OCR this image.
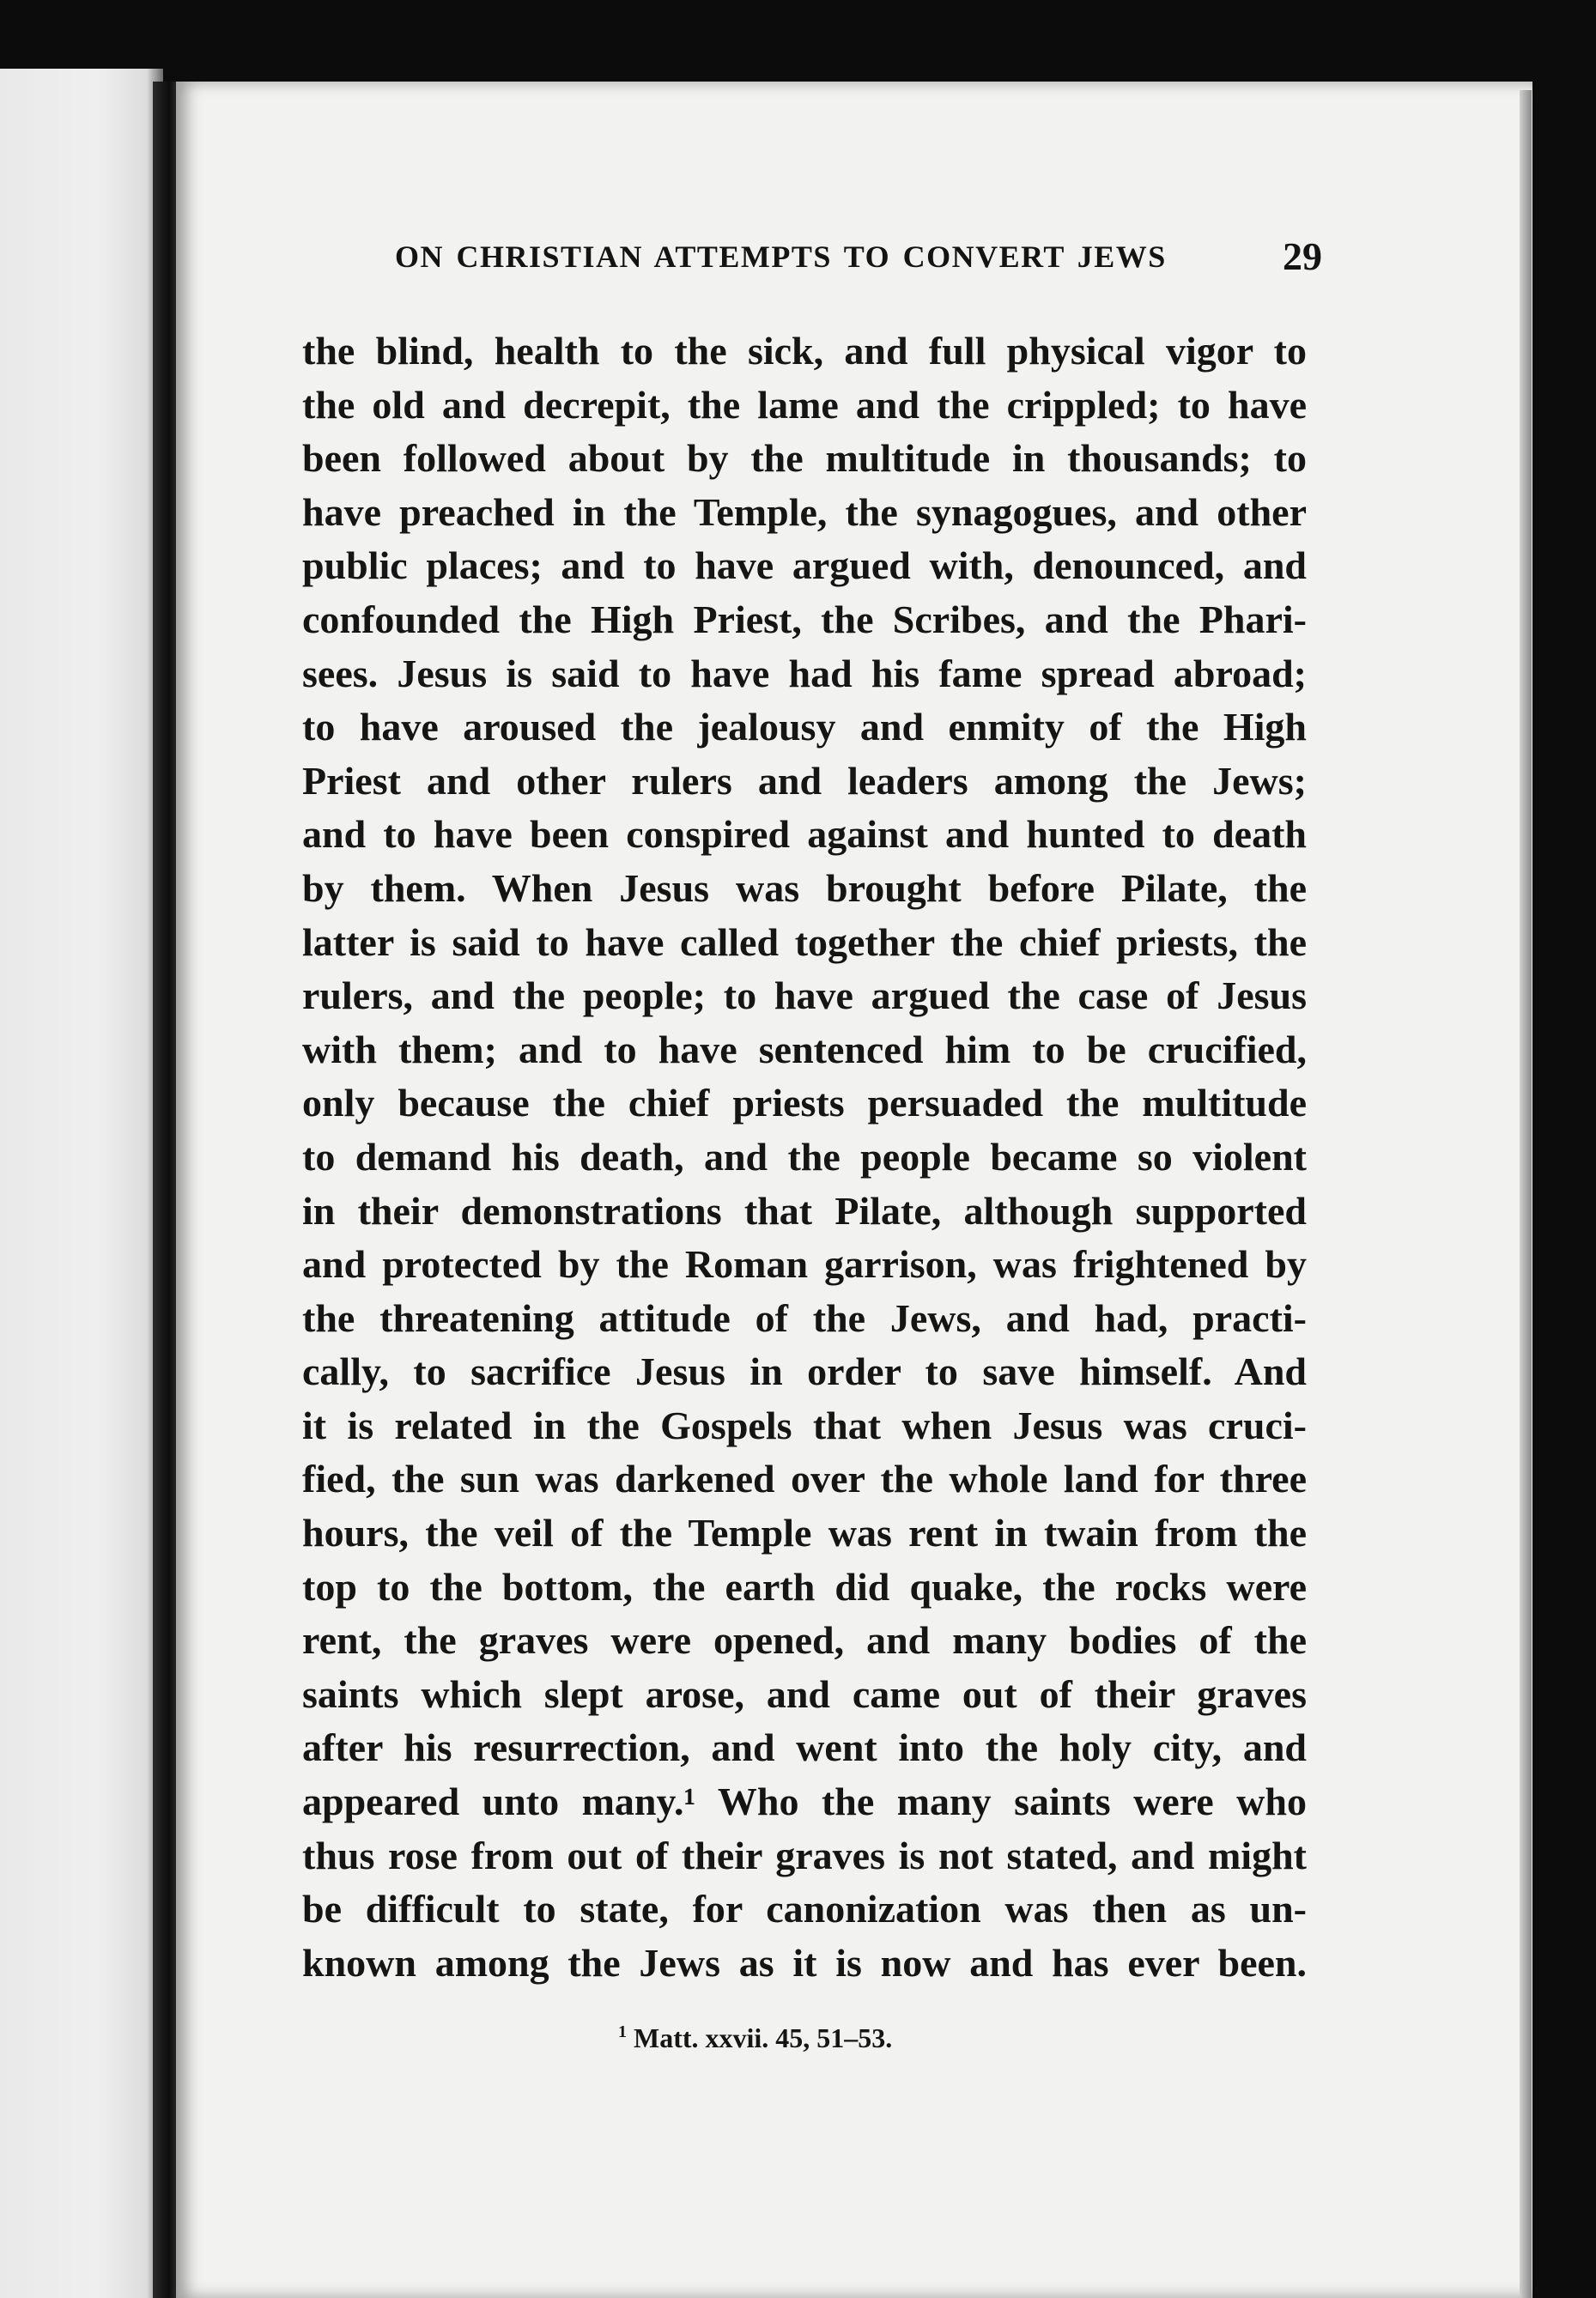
ON CHRISTIAN ATTEMPTS TO CONVERT JEWS	29
the blind, health to the sick, and full physical vigor to
the old and decrepit, the lame and the crippled; to have
been followed about by the multitude in thousands; to
have preached in the Temple, the synagogues, and other
public places; and to have argued with, denounced, and
confounded the High Priest, the Scribes, and the Phari-
sees. Jesus is said to have had his fame spread abroad;
to have aroused the jealousy and enmity of the High
Priest and other rulers and leaders among the Jews;
and to have been conspired against and hunted to death
by them. When Jesus was brought before Pilate, the
latter is said to have called together the chief priests, the
rulers, and the people; to have argued the case of Jesus
with them; and to have sentenced him to be crucified,
only because the chief priests persuaded the multitude
to demand his death, and the people became so violent
in their demonstrations that Pilate, although supported
and protected by the Roman garrison, was frightened by
the threatening attitude of the Jews, and had, practi-
cally, to sacrifice Jesus in order to save himself. And
it is related in the Gospels that when Jesus was cruci-
fied, the sun was darkened over the whole land for three
hours, the veil of the Temple was rent in twain from the
top to the bottom, the earth did quake, the rocks were
rent, the graves were opened, and many bodies of the
saints which slept arose, and came out of their graves
after his resurrection, and went into the holy city, and
appeared unto many.¹ Who the many saints were who
thus rose from out of their graves is not stated, and might
be difficult to state, for canonization was then as un-
known among the Jews as it is now and has ever been.
$^1$ Matt. xxvii. 45, 51–53.
